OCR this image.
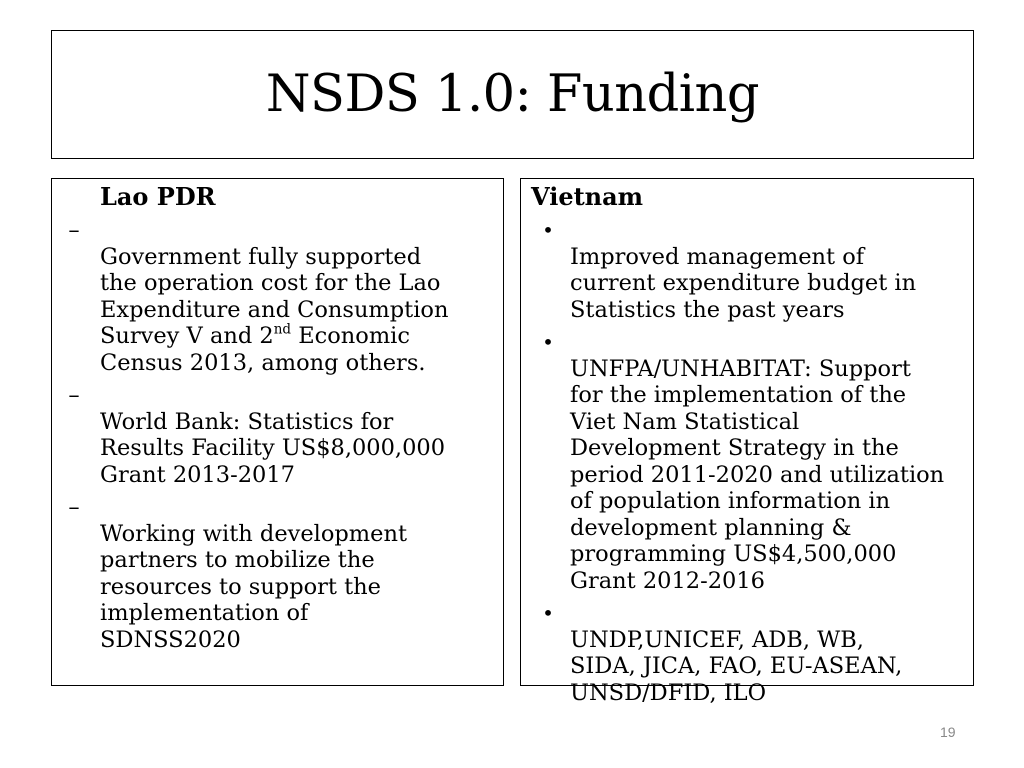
NSDS 1.0: Funding
Lao PDR

–
Government fully supported
the operation cost for the Lao
Expenditure and Consumption
Survey V and 2nd Economic
Census 2013, among others.

–
World Bank: Statistics for
Results Facility US$8,000,000
Grant 2013-2017

–
Working with development
partners to mobilize the
resources to support the
implementation of
SDNSS2020

Vietnam

•
Improved management of
current expenditure budget in
Statistics the past years

•
UNFPA/UNHABITAT: Support
for the implementation of the
Viet Nam Statistical
Development Strategy in the
period 2011-2020 and utilization
of population information in
development planning &
programming US$4,500,000
Grant 2012-2016

•
UNDP,UNICEF, ADB, WB,
SIDA, JICA, FAO, EU-ASEAN,
UNSD/DFID, ILO

19
